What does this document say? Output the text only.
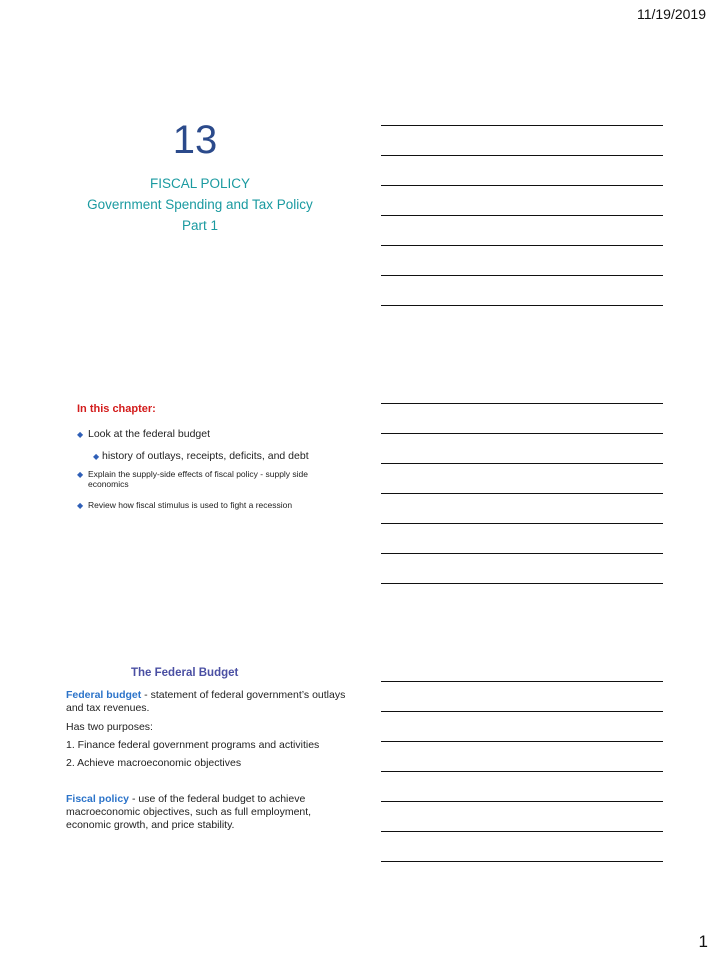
11/19/2019
13
FISCAL POLICY
Government Spending and Tax Policy
Part 1
In this chapter:
◆ Look at the federal budget
◆ history of outlays, receipts, deficits, and debt
◆ Explain the supply-side effects of fiscal policy - supply side economics
◆ Review how fiscal stimulus is used to fight a recession
The Federal Budget
Federal budget - statement of federal government’s outlays and tax revenues.
Has two purposes:
1. Finance federal government programs and activities
2. Achieve macroeconomic objectives
Fiscal policy - use of the federal budget to achieve macroeconomic objectives, such as full employment, economic growth, and price stability.
1
